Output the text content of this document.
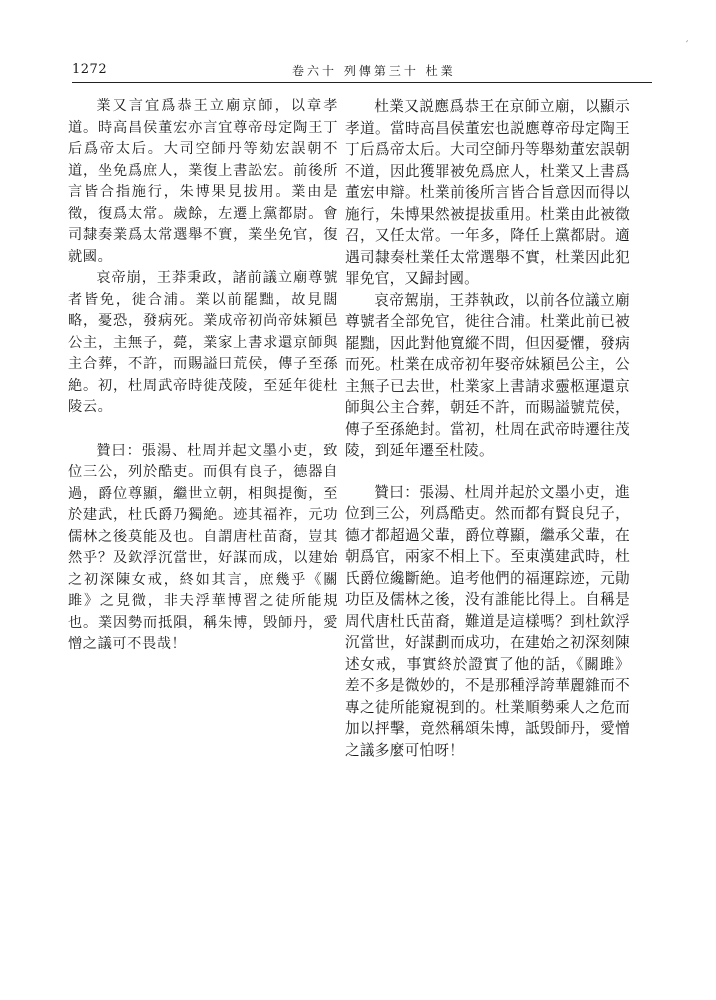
′
1272	卷六十 列傳第三十 杜業

業又言宜爲恭王立廟京師，以章孝道。時高昌侯董宏亦言宜尊帝母定陶王丁后爲帝太后。大司空師丹等劾宏誤朝不道，坐免爲庶人，業復上書訟宏。前後所言皆合指施行，朱博果見拔用。業由是徵，復爲太常。歲餘，左遷上黨都尉。會司隸奏業爲太常選舉不實，業坐免官，復就國。

哀帝崩，王莽秉政，諸前議立廟尊號者皆免，徙合浦。業以前罷黜，故見闊略，憂恐，發病死。業成帝初尚帝妹潁邑公主，主無子，薨，業家上書求還京師與主合葬，不許，而賜謚曰荒侯，傳子至孫絶。初，杜周武帝時徙茂陵，至延年徙杜陵云。

贊曰：張湯、杜周并起文墨小吏，致位三公，列於酷吏。而俱有良子，德器自過，爵位尊顯，繼世立朝，相與提衡，至於建武，杜氏爵乃獨絶。迹其福祚，元功儒林之後莫能及也。自謂唐杜苗裔，豈其然乎？及欽浮沉當世，好謀而成，以建始之初深陳女戒，終如其言，庶幾乎《關雎》之見微，非夫浮華博習之徒所能規也。業因勢而抵隕，稱朱博，毁師丹，愛憎之議可不畏哉！

杜業又説應爲恭王在京師立廟，以顯示孝道。當時高昌侯董宏也説應尊帝母定陶王丁后爲帝太后。大司空師丹等舉劾董宏誤朝不道，因此獲罪被免爲庶人，杜業又上書爲董宏申辯。杜業前後所言皆合旨意因而得以施行，朱博果然被提拔重用。杜業由此被徵召，又任太常。一年多，降任上黨都尉。適遇司隸奏杜業任太常選舉不實，杜業因此犯罪免官，又歸封國。

哀帝駕崩，王莽執政，以前各位議立廟尊號者全部免官，徙往合浦。杜業此前已被罷黜，因此對他寬縱不問，但因憂懼，發病而死。杜業在成帝初年娶帝妹潁邑公主，公主無子已去世，杜業家上書請求靈柩運還京師與公主合葬，朝廷不許，而賜謚號荒侯，傳子至孫絶封。當初，杜周在武帝時遷往茂陵，到延年遷至杜陵。

贊曰：張湯、杜周并起於文墨小吏，進位到三公，列爲酷吏。然而都有賢良兒子，德才都超過父輩，爵位尊顯，繼承父輩，在朝爲官，兩家不相上下。至東漢建武時，杜氏爵位纔斷絶。追考他們的福運踪迹，元勛功臣及儒林之後，没有誰能比得上。自稱是周代唐杜氏苗裔，難道是這樣嗎？到杜欽浮沉當世，好謀劃而成功，在建始之初深刻陳述女戒，事實終於證實了他的話，《關雎》差不多是微妙的，不是那種浮誇華麗雜而不專之徒所能窺視到的。杜業順勢乘人之危而加以抨擊，竟然稱頌朱博，詆毁師丹，愛憎之議多麼可怕呀！
